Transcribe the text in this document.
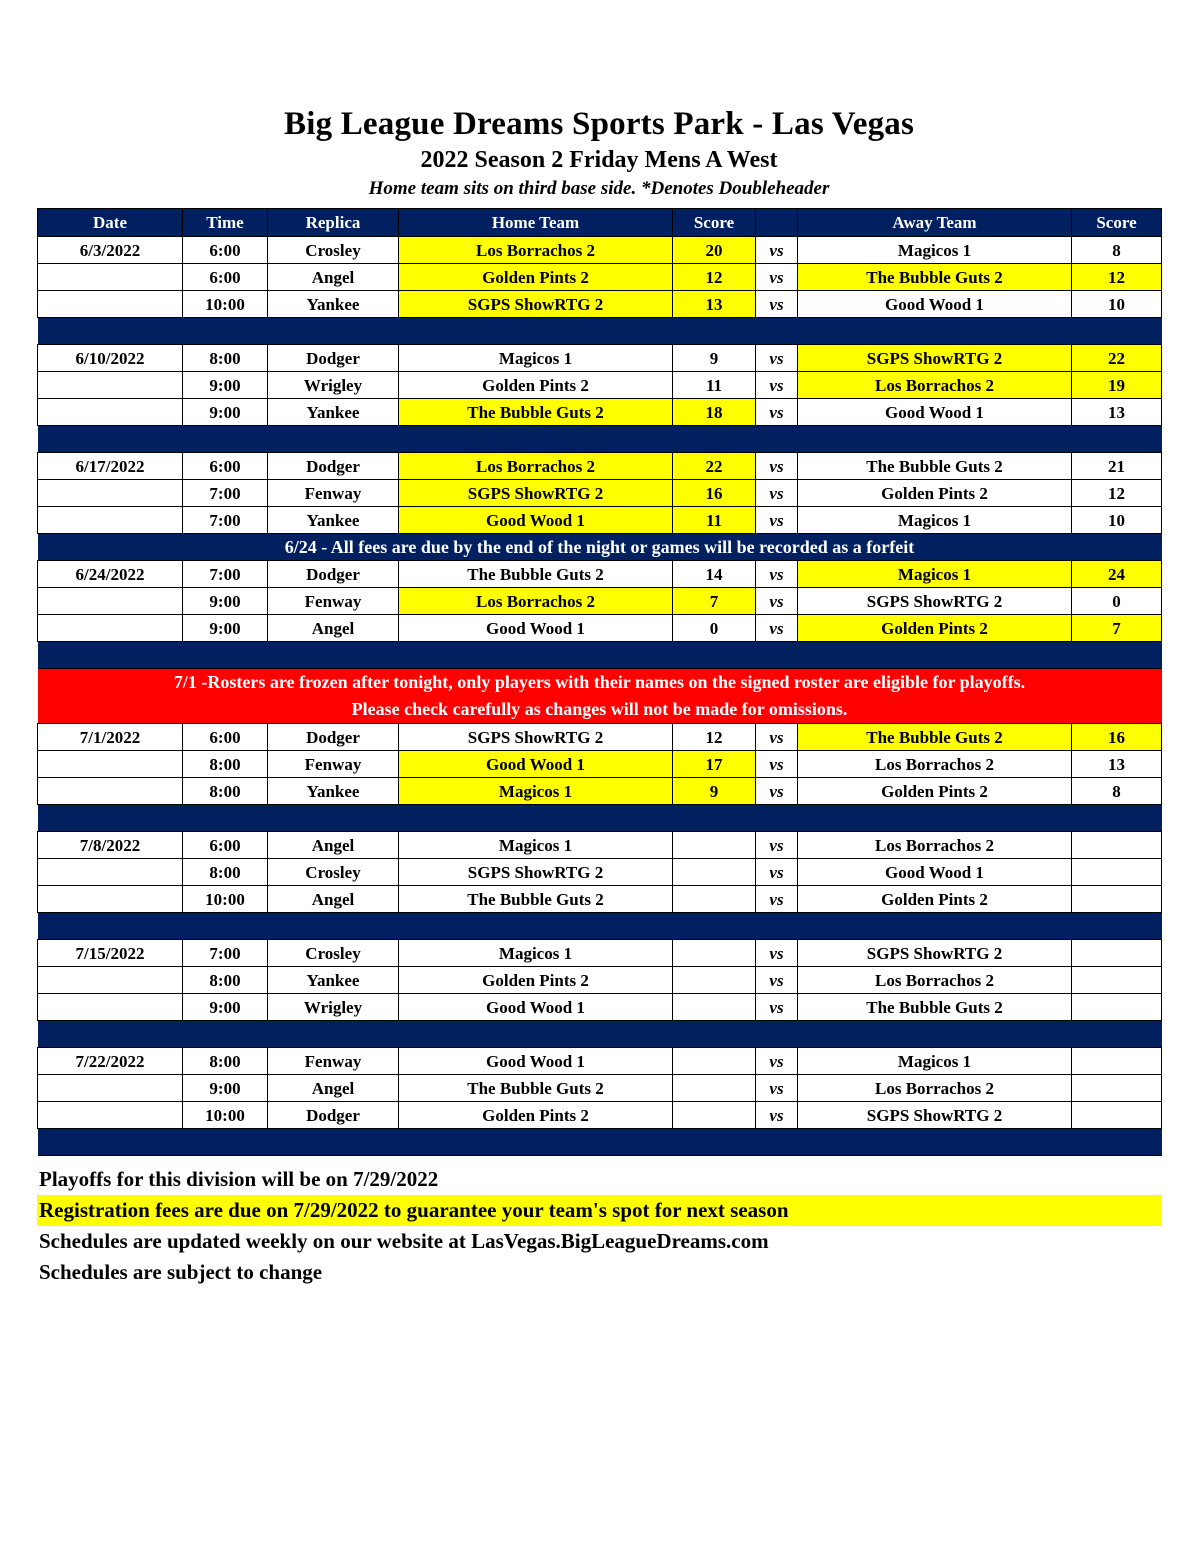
Big League Dreams Sports Park - Las Vegas
2022 Season 2 Friday Mens A West
Home team sits on third base side. *Denotes Doubleheader
Date	Time	Replica	Home Team	Score		Away Team	Score
6/3/2022	6:00	Crosley	Los Borrachos 2	20	vs	Magicos 1	8
	6:00	Angel	Golden Pints 2	12	vs	The Bubble Guts 2	12
	10:00	Yankee	SGPS ShowRTG 2	13	vs	Good Wood 1	10

6/10/2022	8:00	Dodger	Magicos 1	9	vs	SGPS ShowRTG 2	22
	9:00	Wrigley	Golden Pints 2	11	vs	Los Borrachos 2	19
	9:00	Yankee	The Bubble Guts 2	18	vs	Good Wood 1	13

6/17/2022	6:00	Dodger	Los Borrachos 2	22	vs	The Bubble Guts 2	21
	7:00	Fenway	SGPS ShowRTG 2	16	vs	Golden Pints 2	12
	7:00	Yankee	Good Wood 1	11	vs	Magicos 1	10

6/24 - All fees are due by the end of the night or games will be recorded as a forfeit							

6/24/2022	7:00	Dodger	The Bubble Guts 2	14	vs	Magicos 1	24
	9:00	Fenway	Los Borrachos 2	7	vs	SGPS ShowRTG 2	0
	9:00	Angel	Good Wood 1	0	vs	Golden Pints 2	7

7/1 -Rosters are frozen after tonight, only players with their names on the signed roster are eligible for playoffs.
Please check carefully as changes will not be made for omissions.							

7/1/2022	6:00	Dodger	SGPS ShowRTG 2	12	vs	The Bubble Guts 2	16
	8:00	Fenway	Good Wood 1	17	vs	Los Borrachos 2	13
	8:00	Yankee	Magicos 1	9	vs	Golden Pints 2	8

7/8/2022	6:00	Angel	Magicos 1		vs	Los Borrachos 2	
	8:00	Crosley	SGPS ShowRTG 2		vs	Good Wood 1	
	10:00	Angel	The Bubble Guts 2		vs	Golden Pints 2	

7/15/2022	7:00	Crosley	Magicos 1		vs	SGPS ShowRTG 2	
	8:00	Yankee	Golden Pints 2		vs	Los Borrachos 2	
	9:00	Wrigley	Good Wood 1		vs	The Bubble Guts 2	

7/22/2022	8:00	Fenway	Good Wood 1		vs	Magicos 1	
	9:00	Angel	The Bubble Guts 2		vs	Los Borrachos 2	
	10:00	Dodger	Golden Pints 2		vs	SGPS ShowRTG 2	

Playoffs for this division will be on 7/29/2022
Registration fees are due on 7/29/2022 to guarantee your team's spot for next season
Schedules are updated weekly on our website at LasVegas.BigLeagueDreams.com
Schedules are subject to change
